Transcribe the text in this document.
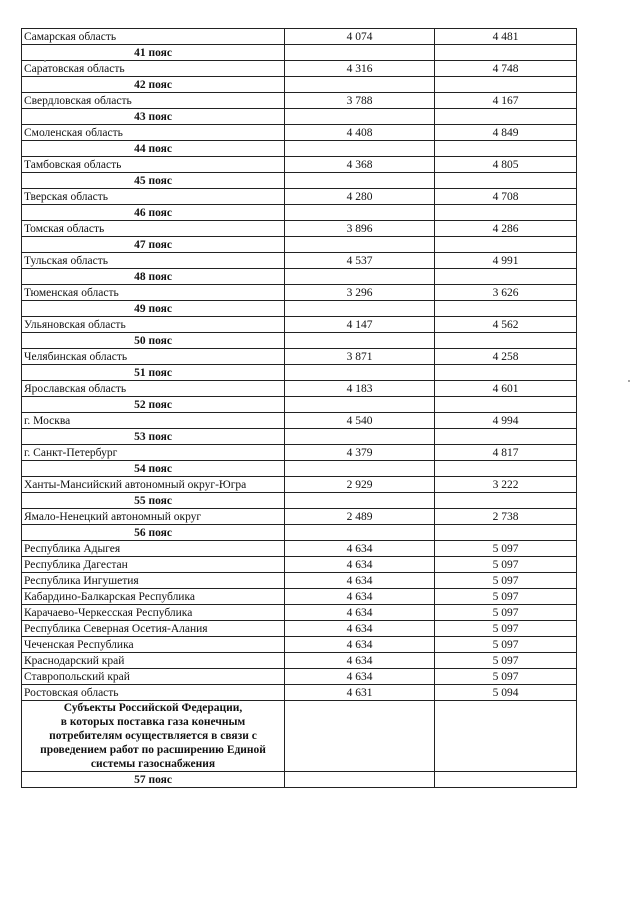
Самарская область	4 074	4 481
41 пояс		
Саратовская область	4 316	4 748
42 пояс		
Свердловская область	3 788	4 167
43 пояс		
Смоленская область	4 408	4 849
44 пояс		
Тамбовская область	4 368	4 805
45 пояс		
Тверская область	4 280	4 708
46 пояс		
Томская область	3 896	4 286
47 пояс		
Тульская область	4 537	4 991
48 пояс		
Тюменская область	3 296	3 626
49 пояс		
Ульяновская область	4 147	4 562
50 пояс		
Челябинская область	3 871	4 258
51 пояс		
Ярославская область	4 183	4 601
52 пояс		
г. Москва	4 540	4 994
53 пояс		
г. Санкт-Петербург	4 379	4 817
54 пояс		
Ханты-Мансийский автономный округ-Югра	2 929	3 222
55 пояс		
Ямало-Ненецкий автономный округ	2 489	2 738
56 пояс		
Республика Адыгея	4 634	5 097
Республика Дагестан	4 634	5 097
Республика Ингушетия	4 634	5 097
Кабардино-Балкарская Республика	4 634	5 097
Карачаево-Черкесская Республика	4 634	5 097
Республика Северная Осетия-Алания	4 634	5 097
Чеченская Республика	4 634	5 097
Краснодарский край	4 634	5 097
Ставропольский край	4 634	5 097
Ростовская область	4 631	5 094

Субъекты Российской Федерации,
в которых поставка газа конечным
потребителям осуществляется в связи с
проведением работ по расширению Единой
системы газоснабжения		

57 пояс		
